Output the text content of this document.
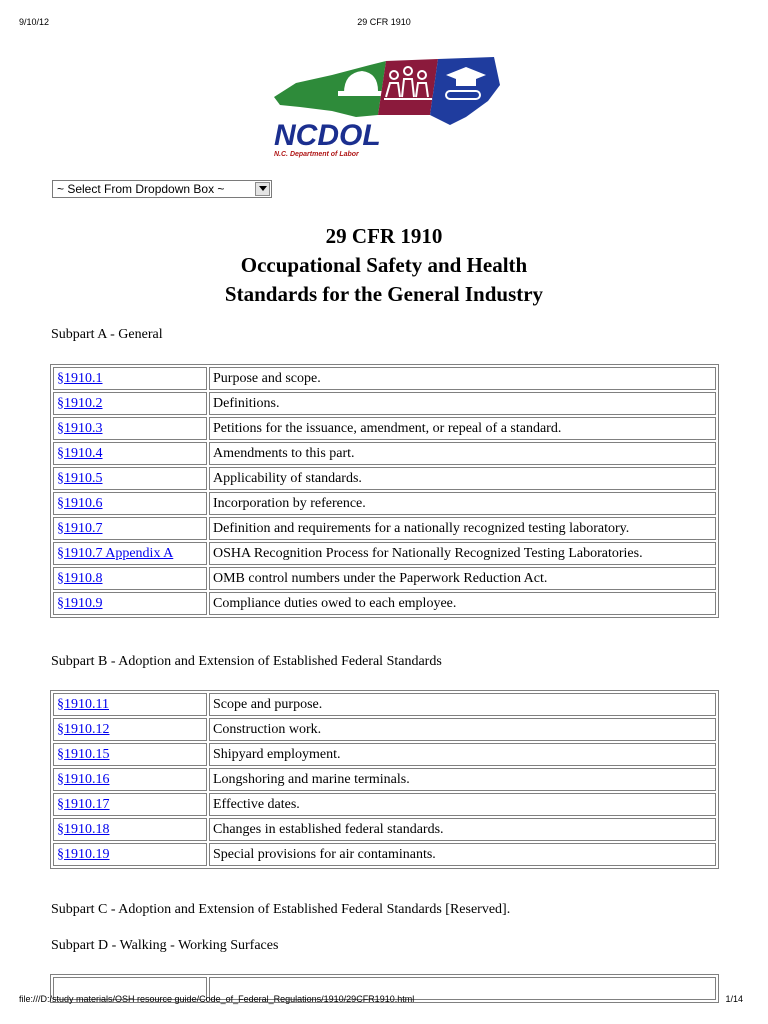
9/10/12	29 CFR 1910
NCDOL
N.C. Department of Labor
~ Select From Dropdown Box ~
29 CFR 1910
Occupational Safety and Health
Standards for the General Industry
Subpart A - General
§1910.1	Purpose and scope.
§1910.2	Definitions.
§1910.3	Petitions for the issuance, amendment, or repeal of a standard.
§1910.4	Amendments to this part.
§1910.5	Applicability of standards.
§1910.6	Incorporation by reference.
§1910.7	Definition and requirements for a nationally recognized testing laboratory.
§1910.7 Appendix A	OSHA Recognition Process for Nationally Recognized Testing Laboratories.
§1910.8	OMB control numbers under the Paperwork Reduction Act.
§1910.9	Compliance duties owed to each employee.
Subpart B - Adoption and Extension of Established Federal Standards
§1910.11	Scope and purpose.
§1910.12	Construction work.
§1910.15	Shipyard employment.
§1910.16	Longshoring and marine terminals.
§1910.17	Effective dates.
§1910.18	Changes in established federal standards.
§1910.19	Special provisions for air contaminants.
Subpart C - Adoption and Extension of Established Federal Standards [Reserved].
Subpart D - Walking - Working Surfaces

file:///D:/study materials/OSH resource guide/Code_of_Federal_Regulations/1910/29CFR1910.html	1/14
